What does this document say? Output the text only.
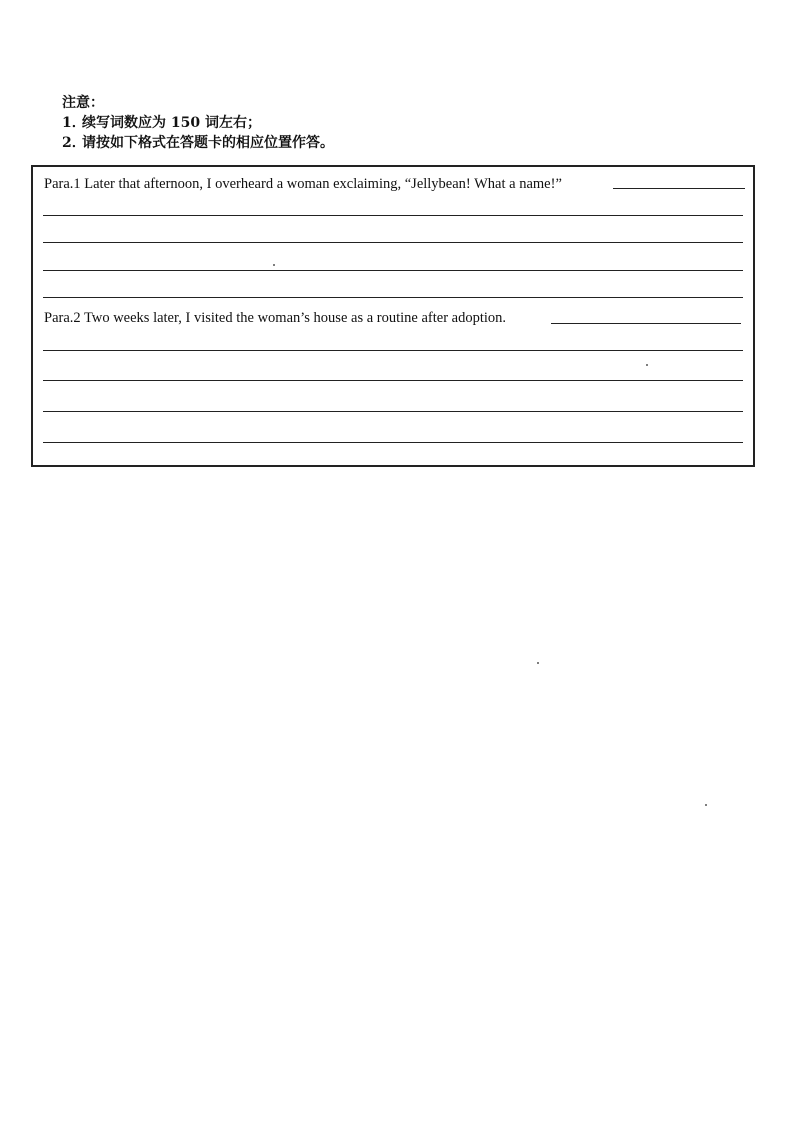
注意：
1．续写词数应为 150 词左右；
2．请按如下格式在答题卡的相应位置作答。
Para.1 Later that afternoon, I overheard a woman exclaiming, “Jellybean! What a name!”
Para.2 Two weeks later, I visited the woman’s house as a routine after adoption.
